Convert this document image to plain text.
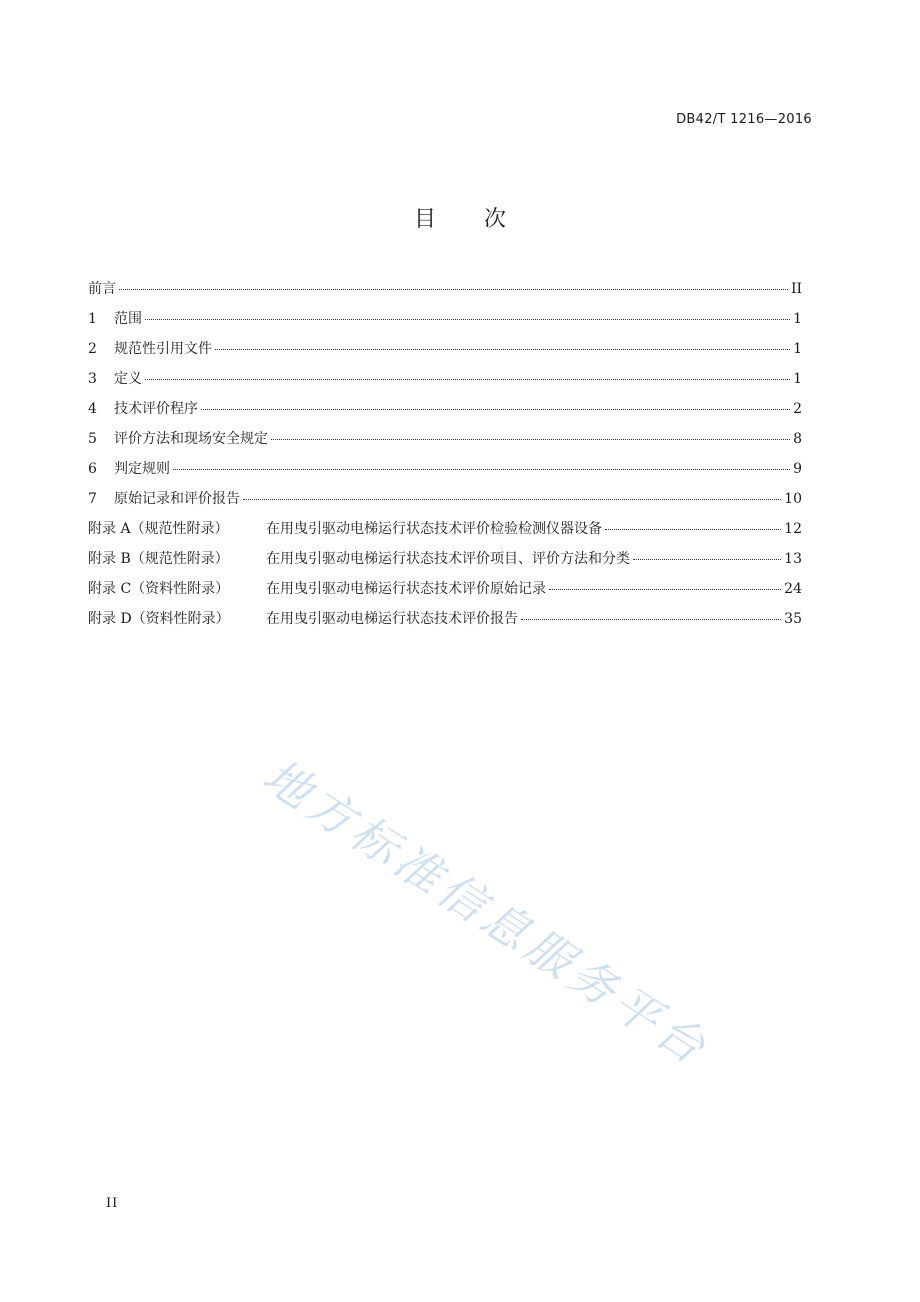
DB42/T 1216—2016
目 次
前言	II
1	范围	1
2	规范性引用文件	1
3	定义	1
4	技术评价程序	2
5	评价方法和现场安全规定	8
6	判定规则	9
7	原始记录和评价报告	10
附录 A（规范性附录）	在用曳引驱动电梯运行状态技术评价检验检测仪器设备	12
附录 B（规范性附录）	在用曳引驱动电梯运行状态技术评价项目、评价方法和分类	13
附录 C（资料性附录）	在用曳引驱动电梯运行状态技术评价原始记录	24
附录 D（资料性附录）	在用曳引驱动电梯运行状态技术评价报告	35
地方标准信息服务平台
II
